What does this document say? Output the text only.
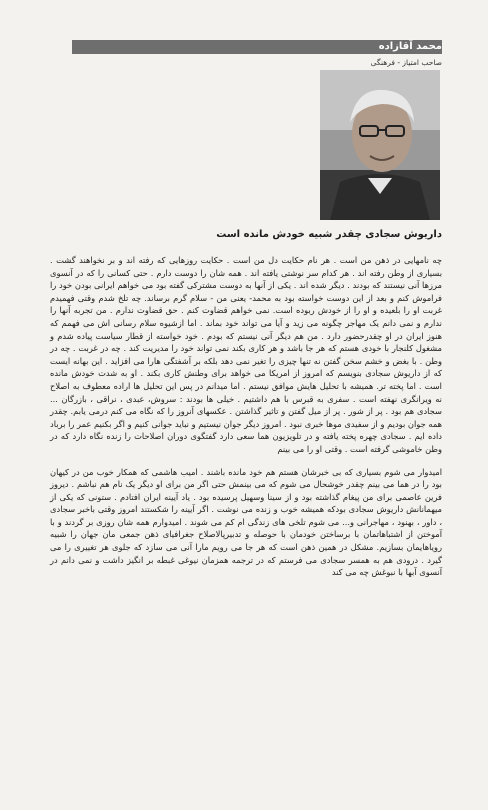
محمد آقازاده
صاحب امتیاز - فرهنگی
داریوش سجادی چقدر شبیه خودش مانده است

چه نامهایی در ذهن من است . هر نام حکایت دل من است . حکایت روزهایی که رفته اند و بر نخواهند گشت . بسیاری از وطن رفته اند . هر کدام سر نوشتی یافته اند . همه شان را دوست دارم . حتی کسانی را که در آنسوی مرزها آنی نیستند که بودند . دیگر شده اند . یکی از آنها به دوست مشترکی گفته بود می خواهم ایرانی بودن خود را فراموش کنم و بعد از این دوست خواسته بود به محمد- یعنی من - سلام گرم برساند. چه تلخ شدم وقتی فهمیدم غربت او را بلعیده و او را از خودش ربوده است. نمی خواهم قضاوت کنم . حق قضاوت ندارم . من تجربه آنها را ندارم و نمی دانم یک مهاجر چگونه می زید و آیا می تواند خود بماند . اما ازشیوه سلام رسانی اش می فهمم که هنوز ایران در او چقدرحضور دارد . من هم دیگر آنی نیستم که بودم . خود خواسته از قطار سیاست پیاده شدم و مشغول کلنجار با خودی هستم که هر جا باشد و هر کاری بکند نمی تواند خود را مدیریت کند . چه در غربت . چه در وطن . با بغض و خشم سخن گفتن نه تنها چیزی را تغیر نمی دهد بلکه بر آشفتگی هارا می افزاید . این بهانه ایست که از داریوش سجادی بنویسم که امروز از امریکا می خواهد برای وطنش کاری بکند . او به شدت خودش مانده است . اما پخته تر. همیشه با تحلیل هایش موافق نیستم . اما میدانم در پس این تحلیل ها اراده معطوف به اصلاح نه ویرانگری نهفته است . سفری به قبرس با هم داشتیم . خیلی ها بودند : سروش، عبدی ، نراقی ، بازرگان ... سجادی هم بود . پر از شور . پر از میل گفتن و تاثیر گذاشتن . عکسهای آنروز را که نگاه می کنم درمی یابم. چقدر همه جوان بودیم و از سفیدی موها خبری نبود . امروز دیگر جوان نیستیم و نباید جوانی کنیم و اگر بکنیم عمر را برباد داده ایم . سجادی چهره پخته یافته و در تلویزیون هما سعی دارد گفتگوی دوران اصلاحات را زنده نگاه دارد که در وطن خاموشی گرفته است . وقتی او را می بینم

امیدوار می شوم بسیاری که بی خبرشان هستم هم خود مانده باشند . امیب هاشمی که همکار خوب من در کیهان بود را در هما می بینم چقدر خوشحال می شوم که می بینمش حتی اگر من برای او دیگر یک نام هم نباشم . دیروز فرین عاصمی برای من پیغام گذاشته بود و از سینا وسهیل پرسیده بود . یاد آیینه ایران افتادم . ستونی که یکی از میهمانانش داریوش سجادی بودکه همیشه خوب و زنده می نوشت . اگر آیینه را شکستند امروز وقتی باخبر سجادی ، داور ، بهنود ، مهاجرانی و... می شوم تلخی های زندگی ام کم می شوند . امیدوارم همه شان روزی بر گردند و با آموختن از اشتباهاتمان با برساختن خودمان با حوصله و تدبیرپالاصلاح جغرافیای ذهن جمعی مان جهان را شبیه رویاهایمان بسازیم. مشکل در همین ذهن است که هر جا می رویم مارا آنی می سازد که جلوی هر تغییری را می گیرد . درودی هم به همسر سجادی می فرستم که در ترجمه همزمان نیوغی غبطه بر انگیز داشت و نمی دانم در آنسوی آبها با نبوغش چه می کند
